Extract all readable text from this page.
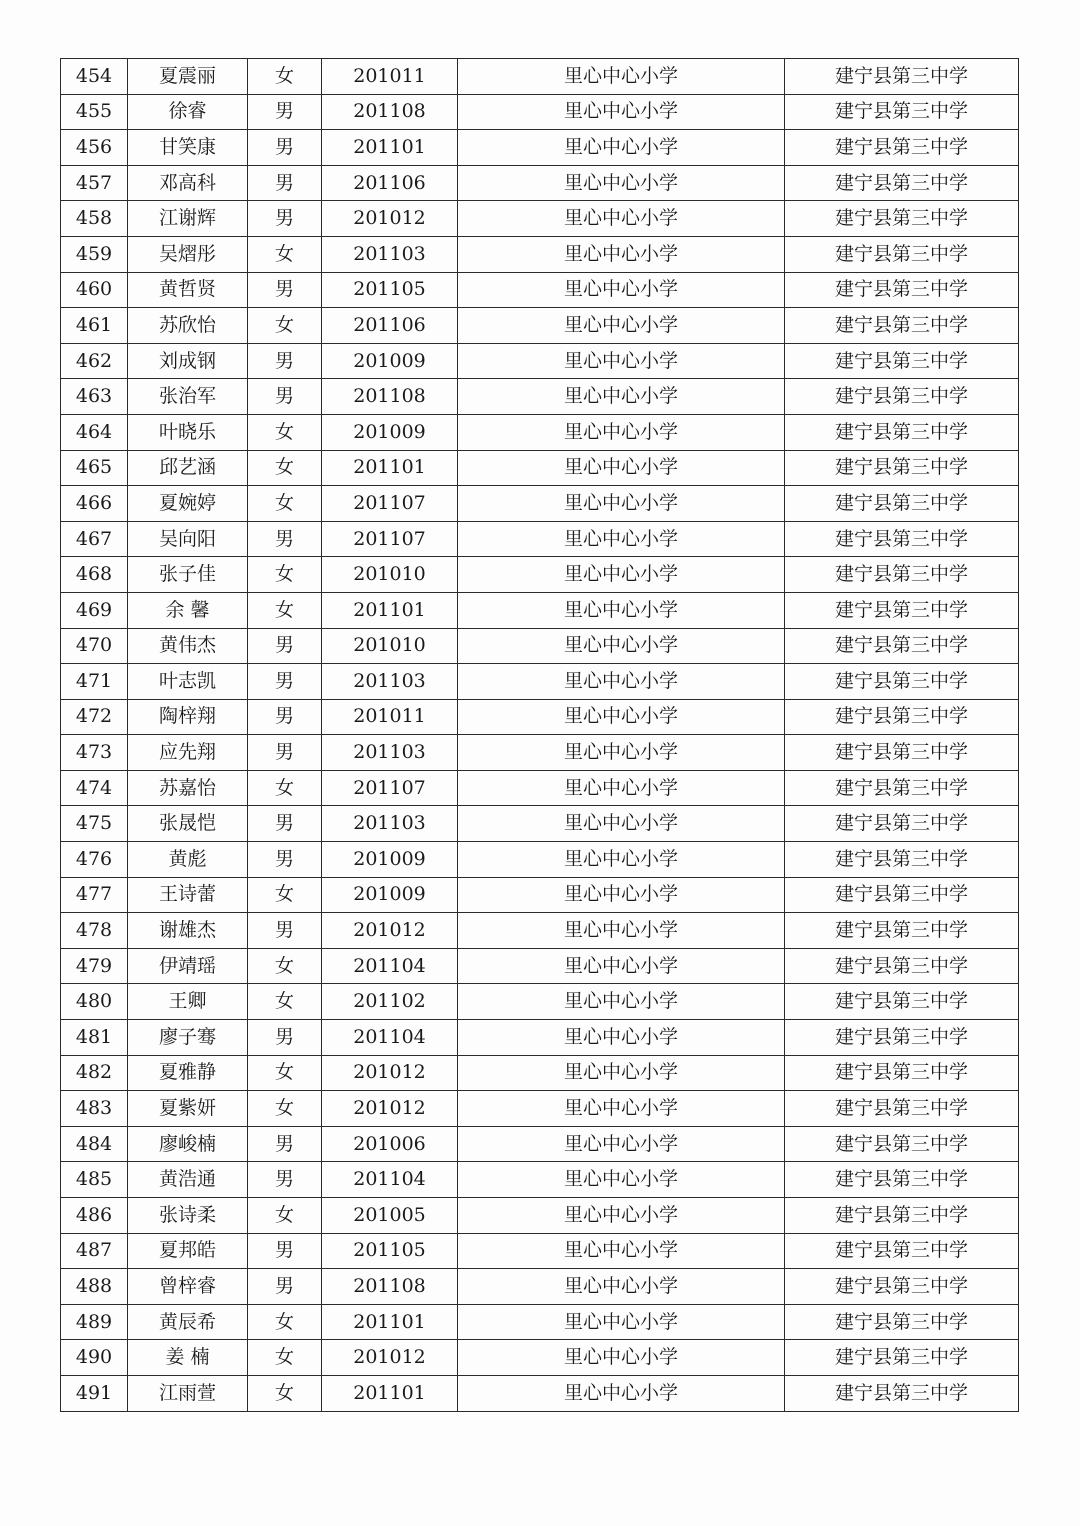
454	夏震丽	女	201011	里心中心小学	建宁县第三中学
455	徐睿	男	201108	里心中心小学	建宁县第三中学
456	甘笑康	男	201101	里心中心小学	建宁县第三中学
457	邓高科	男	201106	里心中心小学	建宁县第三中学
458	江谢辉	男	201012	里心中心小学	建宁县第三中学
459	吴熠彤	女	201103	里心中心小学	建宁县第三中学
460	黄哲贤	男	201105	里心中心小学	建宁县第三中学
461	苏欣怡	女	201106	里心中心小学	建宁县第三中学
462	刘成钢	男	201009	里心中心小学	建宁县第三中学
463	张治军	男	201108	里心中心小学	建宁县第三中学
464	叶晓乐	女	201009	里心中心小学	建宁县第三中学
465	邱艺涵	女	201101	里心中心小学	建宁县第三中学
466	夏婉婷	女	201107	里心中心小学	建宁县第三中学
467	吴向阳	男	201107	里心中心小学	建宁县第三中学
468	张子佳	女	201010	里心中心小学	建宁县第三中学
469	余 馨	女	201101	里心中心小学	建宁县第三中学
470	黄伟杰	男	201010	里心中心小学	建宁县第三中学
471	叶志凯	男	201103	里心中心小学	建宁县第三中学
472	陶梓翔	男	201011	里心中心小学	建宁县第三中学
473	应先翔	男	201103	里心中心小学	建宁县第三中学
474	苏嘉怡	女	201107	里心中心小学	建宁县第三中学
475	张晟恺	男	201103	里心中心小学	建宁县第三中学
476	黄彪	男	201009	里心中心小学	建宁县第三中学
477	王诗蕾	女	201009	里心中心小学	建宁县第三中学
478	谢雄杰	男	201012	里心中心小学	建宁县第三中学
479	伊靖瑶	女	201104	里心中心小学	建宁县第三中学
480	王卿	女	201102	里心中心小学	建宁县第三中学
481	廖子骞	男	201104	里心中心小学	建宁县第三中学
482	夏雅静	女	201012	里心中心小学	建宁县第三中学
483	夏紫妍	女	201012	里心中心小学	建宁县第三中学
484	廖峻楠	男	201006	里心中心小学	建宁县第三中学
485	黄浩通	男	201104	里心中心小学	建宁县第三中学
486	张诗柔	女	201005	里心中心小学	建宁县第三中学
487	夏邦皓	男	201105	里心中心小学	建宁县第三中学
488	曾梓睿	男	201108	里心中心小学	建宁县第三中学
489	黄辰希	女	201101	里心中心小学	建宁县第三中学
490	姜 楠	女	201012	里心中心小学	建宁县第三中学
491	江雨萱	女	201101	里心中心小学	建宁县第三中学
